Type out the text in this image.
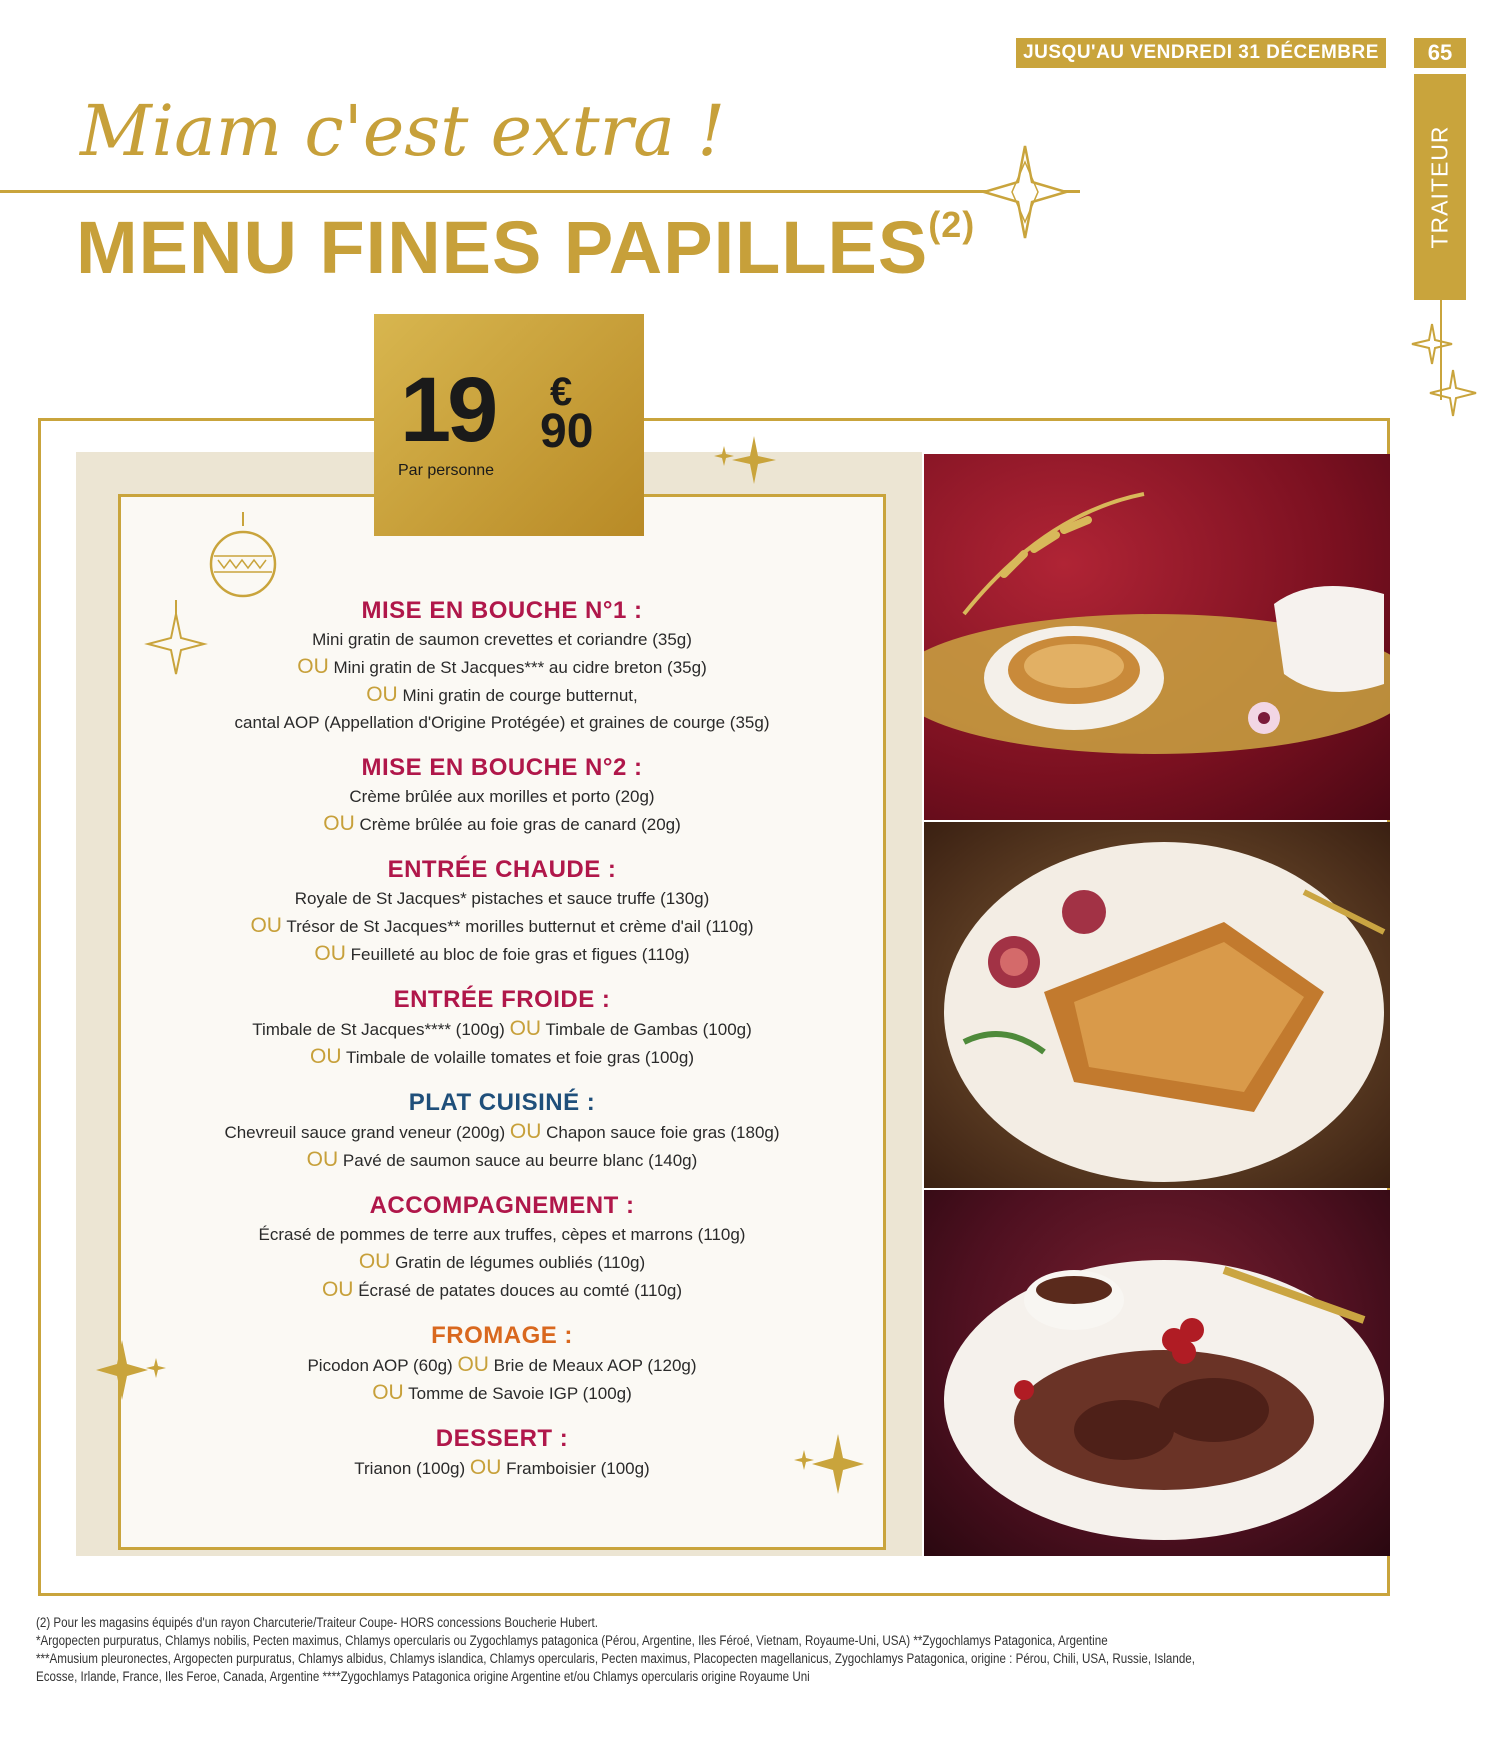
JUSQU'AU VENDREDI 31 DÉCEMBRE	65
TRAITEUR
Miam c'est extra !
MENU FINES PAPILLES$^{(2)}$
19 €
90
Par personne
MISE EN BOUCHE N°1 :
Mini gratin de saumon crevettes et coriandre (35g)
OU Mini gratin de St Jacques*** au cidre breton (35g)
OU Mini gratin de courge butternut,
cantal AOP (Appellation d'Origine Protégée) et graines de courge (35g)
MISE EN BOUCHE N°2 :
Crème brûlée aux morilles et porto (20g)
OU Crème brûlée au foie gras de canard (20g)
ENTRÉE CHAUDE :
Royale de St Jacques* pistaches et sauce truffe (130g)
OU Trésor de St Jacques** morilles butternut et crème d'ail (110g)
OU Feuilleté au bloc de foie gras et figues (110g)
ENTRÉE FROIDE :
Timbale de St Jacques**** (100g) OU Timbale de Gambas (100g)
OU Timbale de volaille tomates et foie gras (100g)
PLAT CUISINÉ :
Chevreuil sauce grand veneur (200g) OU Chapon sauce foie gras (180g)
OU Pavé de saumon sauce au beurre blanc (140g)
ACCOMPAGNEMENT :
Écrasé de pommes de terre aux truffes, cèpes et marrons (110g)
OU Gratin de légumes oubliés (110g)
OU Écrasé de patates douces au comté (110g)
FROMAGE :
Picodon AOP (60g) OU Brie de Meaux AOP (120g)
OU Tomme de Savoie IGP (100g)
DESSERT :
Trianon (100g) OU Framboisier (100g)

(2) Pour les magasins équipés d'un rayon Charcuterie/Traiteur Coupe- HORS concessions Boucherie Hubert.

*Argopecten purpuratus, Chlamys nobilis, Pecten maximus, Chlamys opercularis ou Zygochlamys patagonica (Pérou, Argentine, Iles Féroé, Vietnam, Royaume-Uni, USA) **Zygochlamys Patagonica, Argentine

***Amusium pleuronectes, Argopecten purpuratus, Chlamys albidus, Chlamys islandica, Chlamys opercularis, Pecten maximus, Placopecten magellanicus, Zygochlamys Patagonica, origine : Pérou, Chili, USA, Russie, Islande,

Ecosse, Irlande, France, Iles Feroe, Canada, Argentine ****Zygochlamys Patagonica origine Argentine et/ou Chlamys opercularis origine Royaume Uni
